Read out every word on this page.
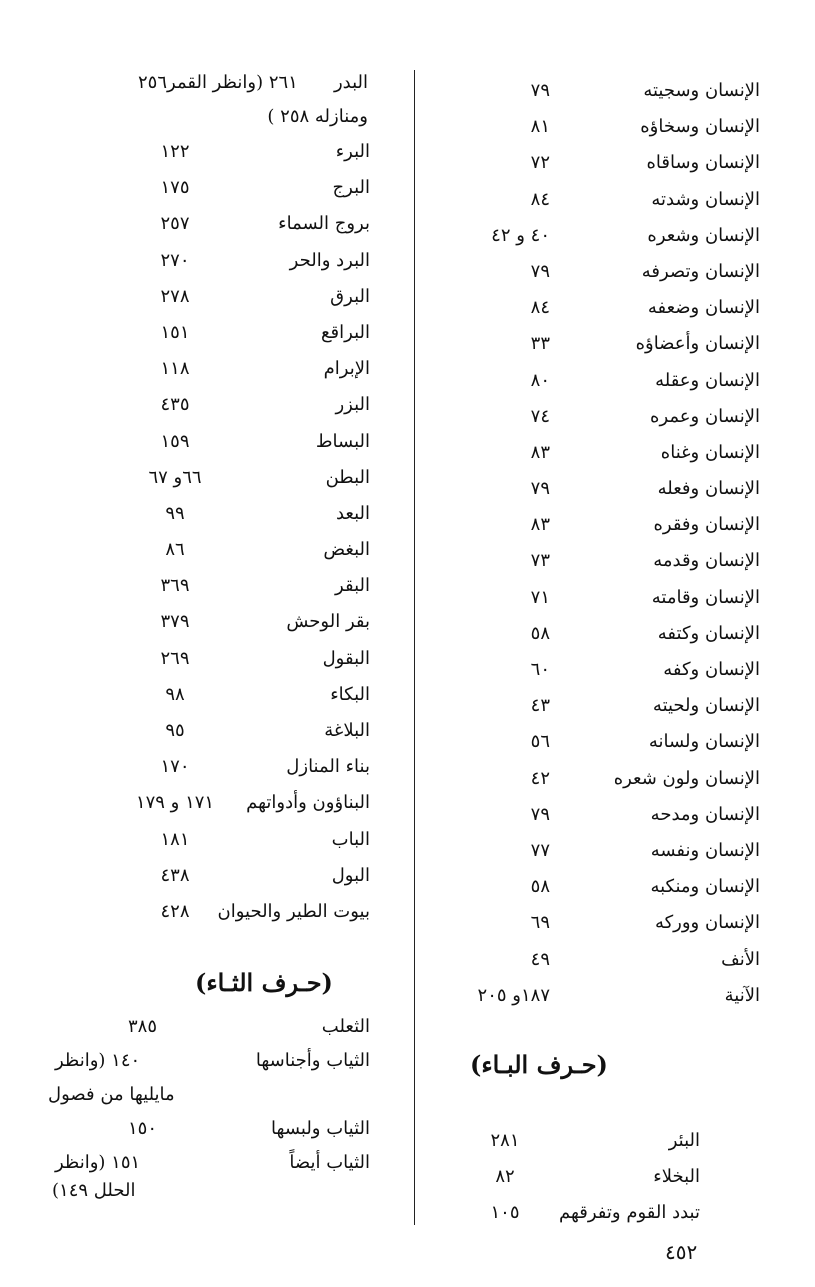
الإنسان وسجيته
٧٩
الإنسان وسخاؤه
٨١
الإنسان وساقاه
٧٢
الإنسان وشدته
٨٤
الإنسان وشعره
٤٠ و ٤٢
الإنسان وتصرفه
٧٩
الإنسان وضعفه
٨٤
الإنسان وأعضاؤه
٣٣
الإنسان وعقله
٨٠
الإنسان وعمره
٧٤
الإنسان وغناه
٨٣
الإنسان وفعله
٧٩
الإنسان وفقره
٨٣
الإنسان وقدمه
٧٣
الإنسان وقامته
٧١
الإنسان وكتفه
٥٨
الإنسان وكفه
٦٠
الإنسان ولحيته
٤٣
الإنسان ولسانه
٥٦
الإنسان ولون شعره
٤٢
الإنسان ومدحه
٧٩
الإنسان ونفسه
٧٧
الإنسان ومنكبه
٥٨
الإنسان ووركه
٦٩
الأنف
٤٩
الآنية
١٨٧و ٢٠٥
(حـرف البـاء)
البئر
٢٨١
البخلاء
٨٢
تبدد القوم وتفرقهم
١٠٥
البدر
٢٦١ (وانظر القمر٢٥٦
ومنازله ٢٥٨ )
البرء
١٢٢
البرج
١٧٥
بروج السماء
٢٥٧
البرد والحر
٢٧٠
البرق
٢٧٨
البراقع
١٥١
الإبرام
١١٨
البزر
٤٣٥
البساط
١٥٩
البطن
٦٦و ٦٧
البعد
٩٩
البغض
٨٦
البقر
٣٦٩
بقر الوحش
٣٧٩
البقول
٢٦٩
البكاء
٩٨
البلاغة
٩٥
بناء المنازل
١٧٠
البناؤون وأدواتهم
١٧١ و ١٧٩
الباب
١٨١
البول
٤٣٨
بيوت الطير والحيوان
٤٢٨
(حـرف الثـاء)
الثعلب
٣٨٥
الثياب وأجناسها
١٤٠ (وانظر
مايليها من فصول
الثياب ولبسها
١٥٠
الثياب أيضاً
١٥١ (وانظر
الحلل ١٤٩)
٤٥٢
